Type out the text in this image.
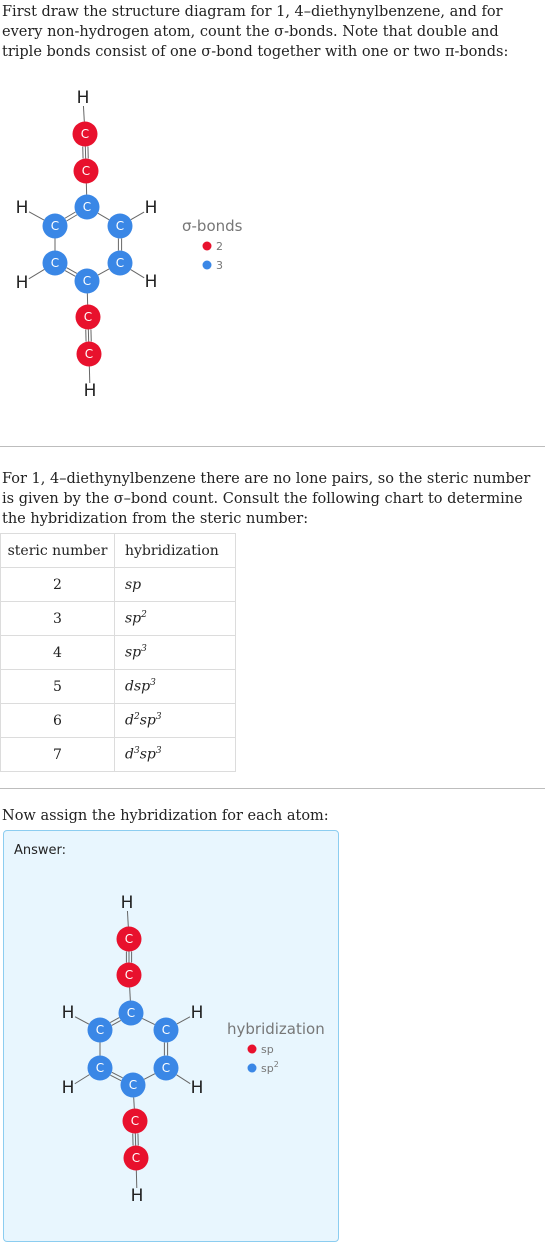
First draw the structure diagram for 1, 4–diethynylbenzene, and for every non-hydrogen atom, count the σ-bonds. Note that double and triple bonds consist of one σ-bond together with one or two π-bonds:
H
C
C
C
C
C
C
C
C
C
C
H
H
H	H
H
σ-bonds
2
3
For 1, 4–diethynylbenzene there are no lone pairs, so the steric number is given by the σ–bond count. Consult the following chart to determine the hybridization from the steric number:
steric number	hybridization
2	sp
3	$sp^2$
4	$sp^3$
5	dsp$^3$
6	$d^2sp^3$
7	$d^3sp^3$
Now assign the hybridization for each atom:
Answer:
H
C
C
C
C
C
C
C
C
C
C
H
H
H	H
H
hybridization
sp
$sp^2$
